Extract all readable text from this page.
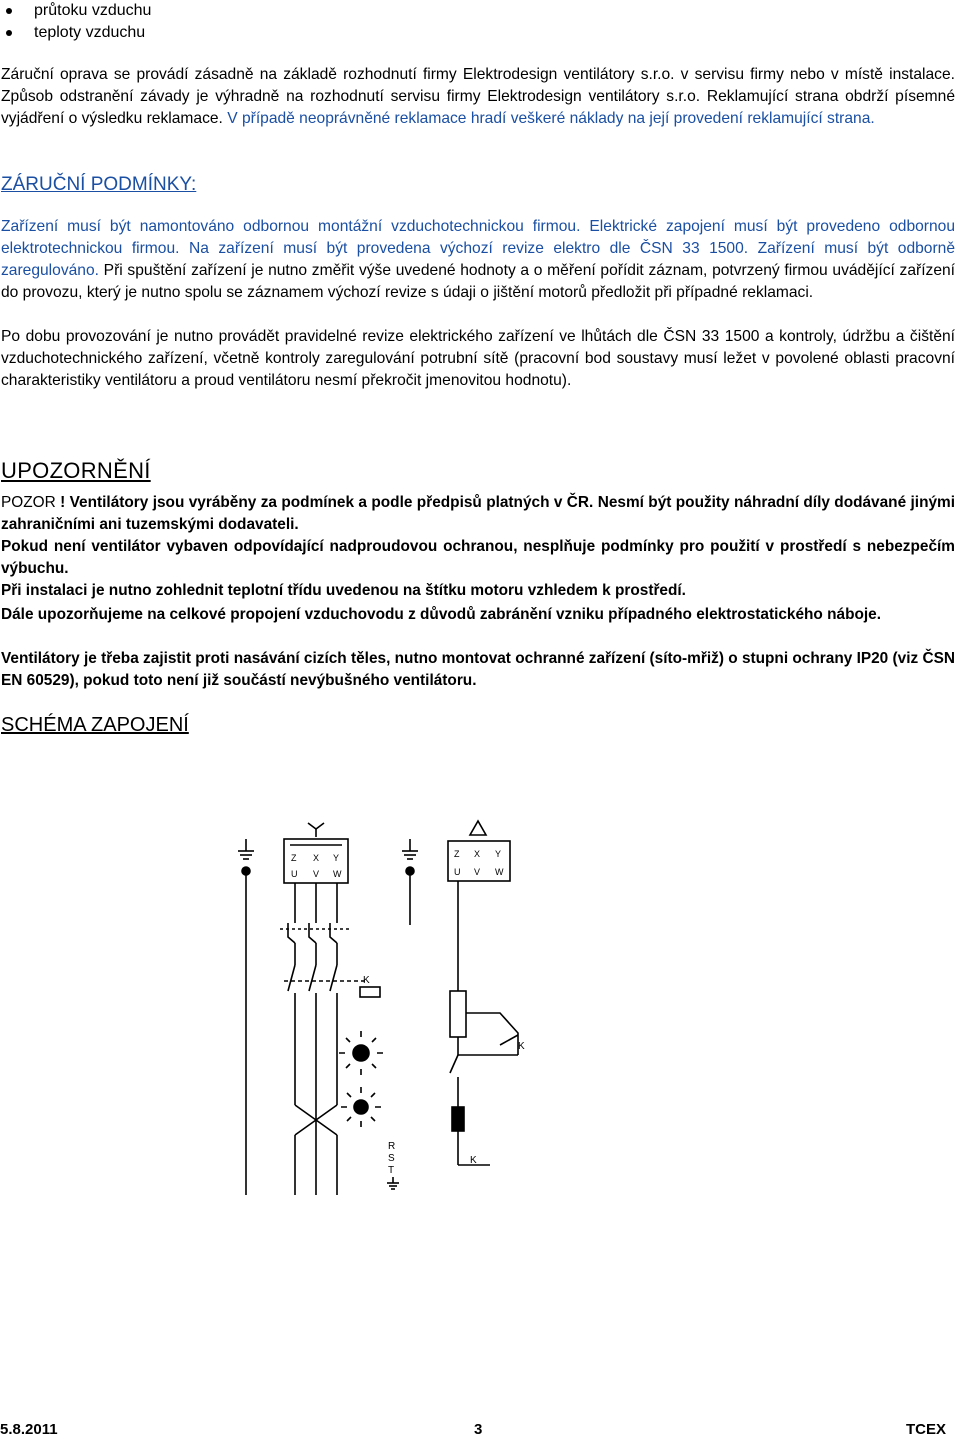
průtoku vzduchu
teploty vzduchu

Záruční oprava se provádí zásadně na základě rozhodnutí firmy Elektrodesign ventilátory s.r.o. v servisu firmy nebo v místě instalace. Způsob odstranění závady je výhradně na rozhodnutí servisu firmy Elektrodesign ventilátory s.r.o. Reklamující strana obdrží písemné vyjádření o výsledku reklamace. V případě neoprávněné reklamace hradí veškeré náklady na její provedení reklamující strana.

ZÁRUČNÍ PODMÍNKY:

Zařízení musí být namontováno odbornou montážní vzduchotechnickou firmou. Elektrické zapojení musí být provedeno odbornou elektrotechnickou firmou. Na zařízení musí být provedena výchozí revize elektro dle ČSN 33 1500. Zařízení musí být odborně zaregulováno. Při spuštění zařízení je nutno změřit výše uvedené hodnoty a o měření pořídit záznam, potvrzený firmou uvádějící zařízení do provozu, který je nutno spolu se záznamem výchozí revize s údaji o jištění motorů předložit při případné reklamaci.

Po dobu provozování je nutno provádět pravidelné revize elektrického zařízení ve lhůtách dle ČSN 33 1500 a kontroly, údržbu a čištění vzduchotechnického zařízení, včetně kontroly zaregulování potrubní sítě (pracovní bod soustavy musí ležet v povolené oblasti pracovní charakteristiky ventilátoru a proud ventilátoru nesmí překročit jmenovitou hodnotu).

UPOZORNĚNÍ

POZOR ! Ventilátory jsou vyráběny za podmínek a podle předpisů platných v ČR. Nesmí být použity náhradní díly dodávané jinými zahraničními ani tuzemskými dodavateli.

Pokud není ventilátor vybaven odpovídající nadproudovou ochranou, nesplňuje podmínky pro použití v prostředí s nebezpečím výbuchu.

Při instalaci je nutno zohlednit teplotní třídu uvedenou na štítku motoru vzhledem k prostředí.

Dále upozorňujeme na celkové propojení vzduchovodu z důvodů zabránění vzniku případného elektrostatického náboje.

Ventilátory je třeba zajistit proti nasávání cizích těles, nutno montovat ochranné zařízení (síto-mřiž) o stupni ochrany IP20 (viz ČSN EN 60529), pokud toto není již součástí nevýbušného ventilátoru.

SCHÉMA ZAPOJENÍ
Z X Y
U V W
K
R
S
T
Z X Y
U V W
K
K
5.8.2011	3	TCEX
